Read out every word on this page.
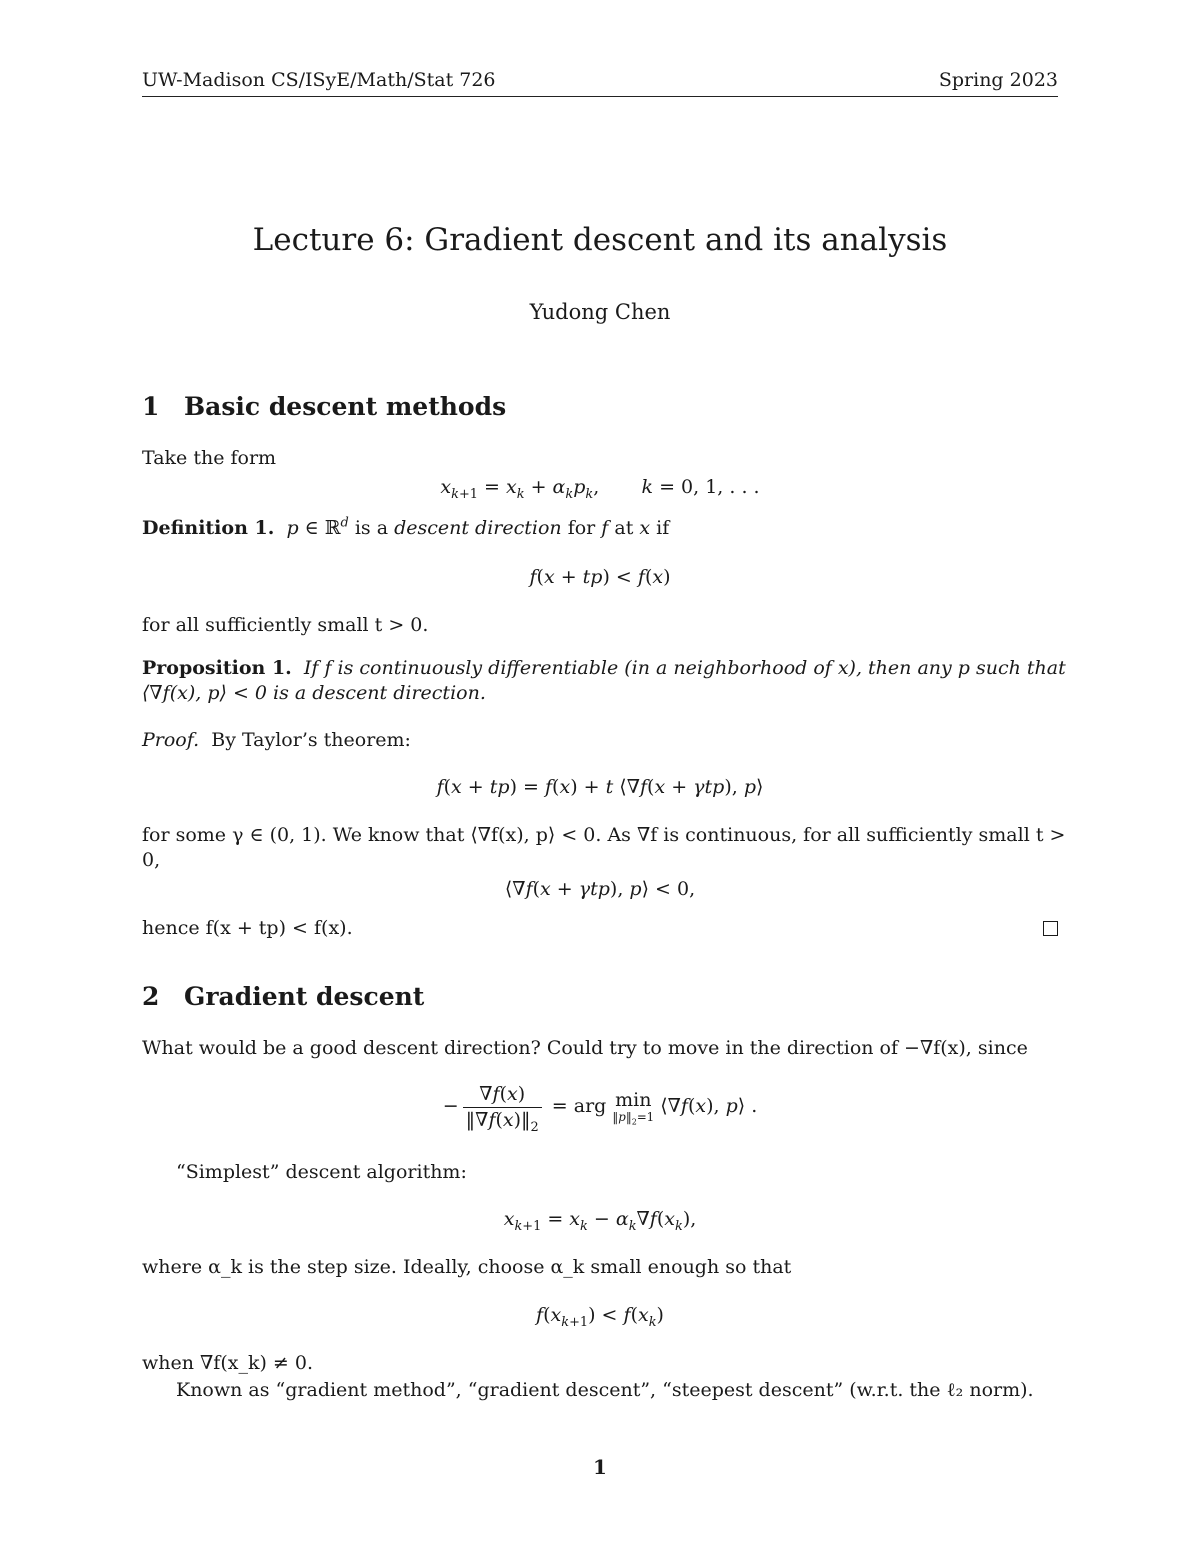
UW-Madison CS/ISyE/Math/Stat 726	Spring 2023
Lecture 6: Gradient descent and its analysis
Yudong Chen
1 Basic descent methods
Take the form
$x_{k+1} = x_k + \alpha_kp_k$,       k = 0, 1, . . .
Definition 1. p ∈ ℝ$^d$ is a descent direction for f at x if
f(x + tp) < f(x)
for all sufficiently small t > 0.
Proposition 1. If f is continuously differentiable (in a neighborhood of x), then any p such that ⟨∇f(x), p⟩ < 0 is a descent direction.
Proof. By Taylor’s theorem:
f(x + tp) = f(x) + t ⟨∇f(x + γtp), p⟩
for some γ ∈ (0, 1). We know that ⟨∇f(x), p⟩ < 0. As ∇f is continuous, for all sufficiently small t > 0,
⟨∇f(x + γtp), p⟩ < 0,
hence f(x + tp) < f(x).
2 Gradient descent
What would be a good descent direction? Could try to move in the direction of −∇f(x), since
− $\frac{\nabla f(x)}{‖\nabla f(x)‖_2}$ = arg min
$‖p‖_2=1$ ⟨∇f(x), p⟩ .
“Simplest” descent algorithm:
$x_{k+1} = x_k - \alpha_k\nabla f(x_k)$,
where α_k is the step size. Ideally, choose α_k small enough so that
$f(x_{k+1}) < f(x_k)$
when ∇f(x_k) ≠ 0.
Known as “gradient method”, “gradient descent”, “steepest descent” (w.r.t. the ℓ₂ norm).
1
